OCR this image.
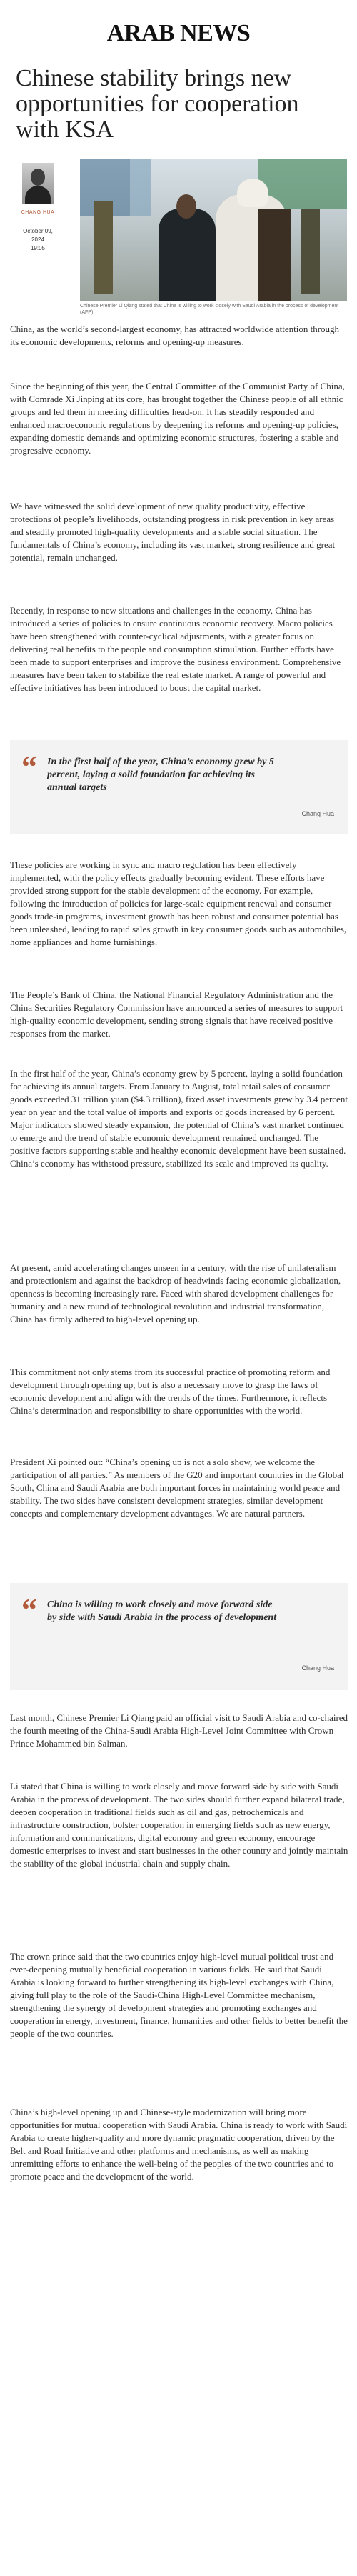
ARAB NEWS
Chinese stability brings new opportunities for cooperation with KSA
CHANG HUA
October 09,
2024
19:05
Chinese Premier Li Qiang stated that China is willing to work closely with Saudi Arabia in the process of development (AFP)

China, as the world’s second-largest economy, has attracted worldwide attention through its economic developments, reforms and opening-up measures.

Since the beginning of this year, the Central Committee of the Communist Party of China, with Comrade Xi Jinping at its core, has brought together the Chinese people of all ethnic groups and led them in meeting difficulties head-on. It has steadily responded and enhanced macroeconomic regulations by deepening its reforms and opening-up policies, expanding domestic demands and optimizing economic structures, fostering a stable and progressive economy.

We have witnessed the solid development of new quality productivity, effective protections of people’s livelihoods, outstanding progress in risk prevention in key areas and steadily promoted high-quality developments and a stable social situation. The fundamentals of China’s economy, including its vast market, strong resilience and great potential, remain unchanged.

Recently, in response to new situations and challenges in the economy, China has introduced a series of policies to ensure continuous economic recovery. Macro policies have been strengthened with counter-cyclical adjustments, with a greater focus on delivering real benefits to the people and consumption stimulation. Further efforts have been made to support enterprises and improve the business environment. Comprehensive measures have been taken to stabilize the real estate market. A range of powerful and effective initiatives has been introduced to boost the capital market.

“ In the first half of the year, China’s economy grew by 5 percent, laying a solid foundation for achieving its annual targets

Chang Hua

These policies are working in sync and macro regulation has been effectively implemented, with the policy effects gradually becoming evident. These efforts have provided strong support for the stable development of the economy. For example, following the introduction of policies for large-scale equipment renewal and consumer goods trade-in programs, investment growth has been robust and consumer potential has been unleashed, leading to rapid sales growth in key consumer goods such as automobiles, home appliances and home furnishings.

The People’s Bank of China, the National Financial Regulatory Administration and the China Securities Regulatory Commission have announced a series of measures to support high-quality economic development, sending strong signals that have received positive responses from the market.

In the first half of the year, China’s economy grew by 5 percent, laying a solid foundation for achieving its annual targets. From January to August, total retail sales of consumer goods exceeded 31 trillion yuan ($4.3 trillion), fixed asset investments grew by 3.4 percent year on year and the total value of imports and exports of goods increased by 6 percent. Major indicators showed steady expansion, the potential of China’s vast market continued to emerge and the trend of stable economic development remained unchanged. The positive factors supporting stable and healthy economic development have been sustained. China’s economy has withstood pressure, stabilized its scale and improved its quality.

At present, amid accelerating changes unseen in a century, with the rise of unilateralism and protectionism and against the backdrop of headwinds facing economic globalization, openness is becoming increasingly rare. Faced with shared development challenges for humanity and a new round of technological revolution and industrial transformation, China has firmly adhered to high-level opening up.

This commitment not only stems from its successful practice of promoting reform and development through opening up, but is also a necessary move to grasp the laws of economic development and align with the trends of the times. Furthermore, it reflects China’s determination and responsibility to share opportunities with the world.

President Xi pointed out: “China’s opening up is not a solo show, we welcome the participation of all parties.” As members of the G20 and important countries in the Global South, China and Saudi Arabia are both important forces in maintaining world peace and stability. The two sides have consistent development strategies, similar development concepts and complementary development advantages. We are natural partners.

“ China is willing to work closely and move forward side by side with Saudi Arabia in the process of development

Chang Hua

Last month, Chinese Premier Li Qiang paid an official visit to Saudi Arabia and co-chaired the fourth meeting of the China-Saudi Arabia High-Level Joint Committee with Crown Prince Mohammed bin Salman.

Li stated that China is willing to work closely and move forward side by side with Saudi Arabia in the process of development. The two sides should further expand bilateral trade, deepen cooperation in traditional fields such as oil and gas, petrochemicals and infrastructure construction, bolster cooperation in emerging fields such as new energy, information and communications, digital economy and green economy, encourage domestic enterprises to invest and start businesses in the other country and jointly maintain the stability of the global industrial chain and supply chain.

The crown prince said that the two countries enjoy high-level mutual political trust and ever-deepening mutually beneficial cooperation in various fields. He said that Saudi Arabia is looking forward to further strengthening its high-level exchanges with China, giving full play to the role of the Saudi-China High-Level Committee mechanism, strengthening the synergy of development strategies and promoting exchanges and cooperation in energy, investment, finance, humanities and other fields to better benefit the people of the two countries.

China’s high-level opening up and Chinese-style modernization will bring more opportunities for mutual cooperation with Saudi Arabia. China is ready to work with Saudi Arabia to create higher-quality and more dynamic pragmatic cooperation, driven by the Belt and Road Initiative and other platforms and mechanisms, as well as making unremitting efforts to enhance the well-being of the peoples of the two countries and to promote peace and the development of the world.
